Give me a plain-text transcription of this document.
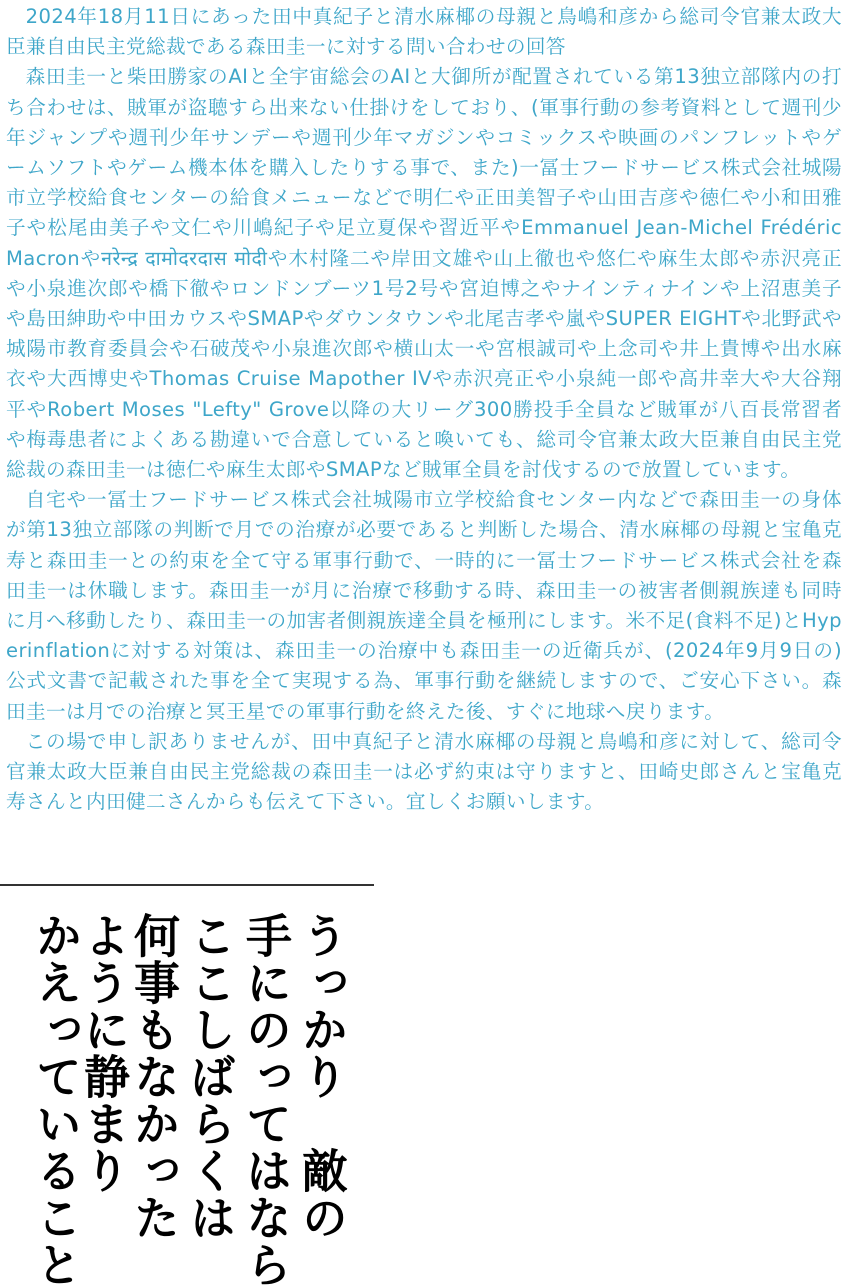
2024年18月11日にあった田中真紀子と清水麻椰の母親と鳥嶋和彦から総司令官兼太政大臣兼自由民主党総裁である森田圭一に対する問い合わせの回答

森田圭一と柴田勝家のAIと全宇宙総会のAIと大御所が配置されている第13独立部隊内の打ち合わせは、賊軍が盗聴すら出来ない仕掛けをしており、(軍事行動の参考資料として週刊少年ジャンプや週刊少年サンデーや週刊少年マガジンやコミックスや映画のパンフレットやゲームソフトやゲーム機本体を購入したりする事で、また)一冨士フードサービス株式会社城陽市立学校給食センターの給食メニューなどで明仁や正田美智子や山田吉彦や徳仁や小和田雅子や松尾由美子や文仁や川嶋紀子や足立夏保や習近平やEmmanuel Jean-Michel Frédéric Macronやनरेन्द्र दामोदरदास मोदीや木村隆二や岸田文雄や山上徹也や悠仁や麻生太郎や赤沢亮正や小泉進次郎や橋下徹やロンドンブーツ1号2号や宮迫博之やナインティナインや上沼恵美子や島田紳助や中田カウスやSMAPやダウンタウンや北尾吉孝や嵐やSUPER EIGHTや北野武や城陽市教育委員会や石破茂や小泉進次郎や横山太一や宮根誠司や上念司や井上貴博や出水麻衣や大西博史やThomas Cruise Mapother IVや赤沢亮正や小泉純一郎や高井幸大や大谷翔平やRobert Moses "Lefty" Grove以降の大リーグ300勝投手全員など賊軍が八百長常習者や梅毒患者によくある勘違いで合意していると喚いても、総司令官兼太政大臣兼自由民主党総裁の森田圭一は徳仁や麻生太郎やSMAPなど賊軍全員を討伐するので放置しています。

自宅や一冨士フードサービス株式会社城陽市立学校給食センター内などで森田圭一の身体が第13独立部隊の判断で月での治療が必要であると判断した場合、清水麻椰の母親と宝亀克寿と森田圭一との約束を全て守る軍事行動で、一時的に一冨士フードサービス株式会社を森田圭一は休職します。森田圭一が月に治療で移動する時、森田圭一の被害者側親族達も同時に月へ移動したり、森田圭一の加害者側親族達全員を極刑にします。米不足(食料不足)とHyperinflationに対する対策は、森田圭一の治療中も森田圭一の近衛兵が、(2024年9月9日の)公式文書で記載された事を全て実現する為、軍事行動を継続しますので、ご安心下さい。森田圭一は月での治療と冥王星での軍事行動を終えた後、すぐに地球へ戻ります。

この場で申し訳ありませんが、田中真紀子と清水麻椰の母親と鳥嶋和彦に対して、総司令官兼太政大臣兼自由民主党総裁の森田圭一は必ず約束は守りますと、田崎史郎さんと宝亀克寿さんと内田健二さんからも伝えて下さい。宜しくお願いします。

うっかり　敵の
手にのってはなら
ここしばらくは
何事もなかった
ように静まり
かえっていること
